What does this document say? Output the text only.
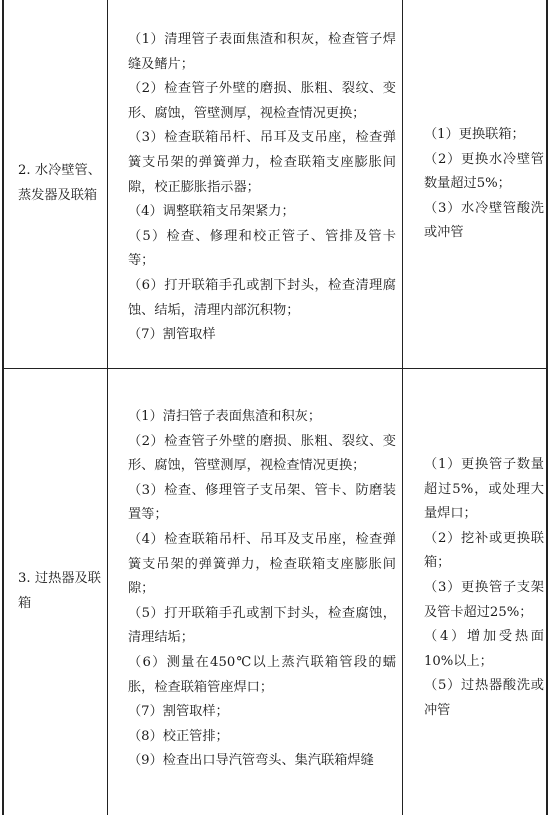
2. 水冷壁管、蒸发器及联箱

（1）清理管子表面焦渣和积灰，检查管子焊缝及鳍片；

（2）检查管子外壁的磨损、胀粗、裂纹、变形、腐蚀，管壁测厚，视检查情况更换；

（3）检查联箱吊杆、吊耳及支吊座，检查弹簧支吊架的弹簧弹力，检查联箱支座膨胀间隙，校正膨胀指示器；

（4）调整联箱支吊架紧力；

（5）检查、修理和校正管子、管排及管卡等；

（6）打开联箱手孔或割下封头，检查清理腐蚀、结垢，清理内部沉积物；

（7）割管取样

（1）更换联箱；

（2）更换水冷壁管数量超过5%；

（3）水冷壁管酸洗或冲管

3. 过热器及联箱

（1）清扫管子表面焦渣和积灰；

（2）检查管子外壁的磨损、胀粗、裂纹、变形、腐蚀，管壁测厚，视检查情况更换；

（3）检查、修理管子支吊架、管卡、防磨装置等；

（4）检查联箱吊杆、吊耳及支吊座，检查弹簧支吊架的弹簧弹力，检查联箱支座膨胀间隙；

（5）打开联箱手孔或割下封头，检查腐蚀，清理结垢；

（6）测量在450℃以上蒸汽联箱管段的蠕胀，检查联箱管座焊口；

（7）割管取样；

（8）校正管排；

（9）检查出口导汽管弯头、集汽联箱焊缝

（1）更换管子数量超过5%，或处理大量焊口；

（2）挖补或更换联箱；

（3）更换管子支架及管卡超过25%；

（4）增加受热面10%以上；

（5）过热器酸洗或冲管
